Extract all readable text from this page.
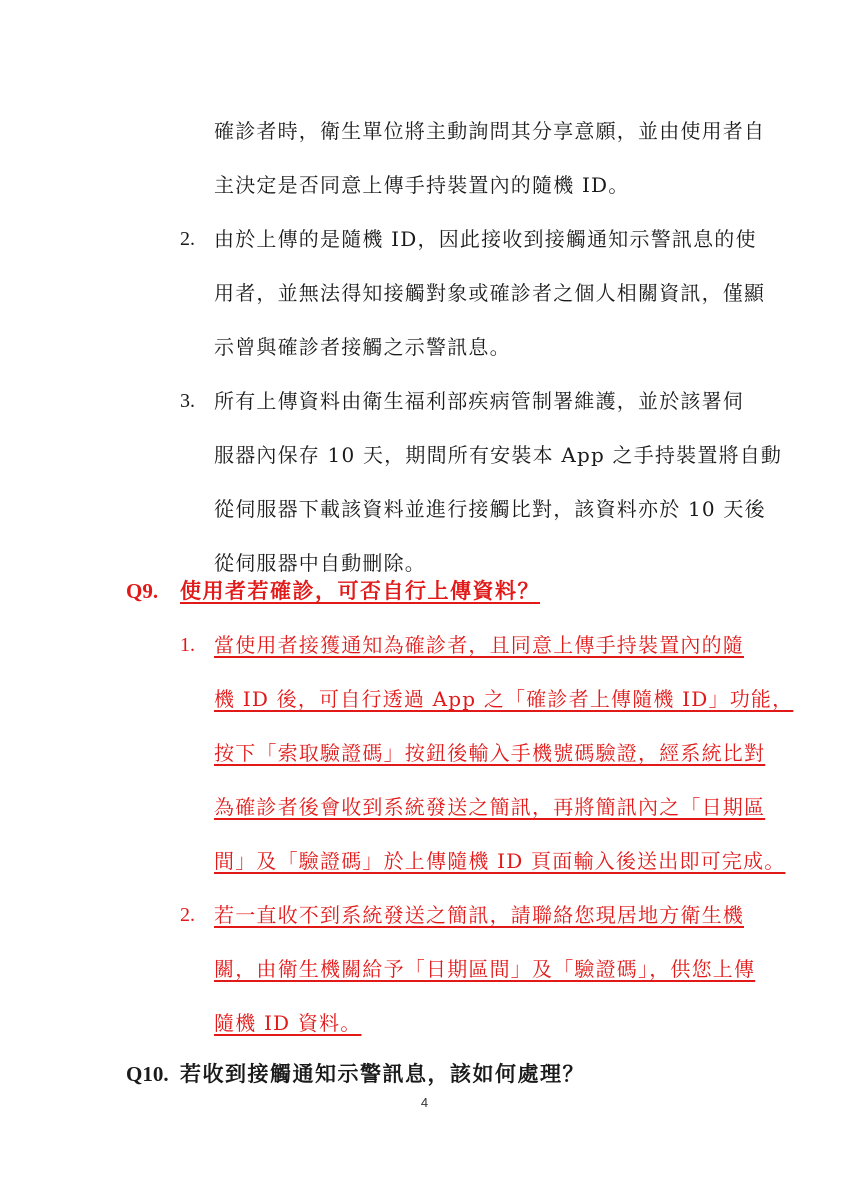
確診者時，衛生單位將主動詢問其分享意願，並由使用者自
主決定是否同意上傳手持裝置內的隨機 ID。
2. 由於上傳的是隨機 ID，因此接收到接觸通知示警訊息的使
用者，並無法得知接觸對象或確診者之個人相關資訊，僅顯
示曾與確診者接觸之示警訊息。
3. 所有上傳資料由衛生福利部疾病管制署維護，並於該署伺
服器內保存 10 天，期間所有安裝本 App 之手持裝置將自動
從伺服器下載該資料並進行接觸比對，該資料亦於 10 天後
從伺服器中自動刪除。
Q9. 使用者若確診，可否自行上傳資料？
1. 當使用者接獲通知為確診者，且同意上傳手持裝置內的隨
機 ID 後，可自行透過 App 之「確診者上傳隨機 ID」功能，
按下「索取驗證碼」按鈕後輸入手機號碼驗證，經系統比對
為確診者後會收到系統發送之簡訊，再將簡訊內之「日期區
間」及「驗證碼」於上傳隨機 ID 頁面輸入後送出即可完成。
2. 若一直收不到系統發送之簡訊，請聯絡您現居地方衛生機
關，由衛生機關給予「日期區間」及「驗證碼」，供您上傳
隨機 ID 資料。
Q10. 若收到接觸通知示警訊息，該如何處理？
4
